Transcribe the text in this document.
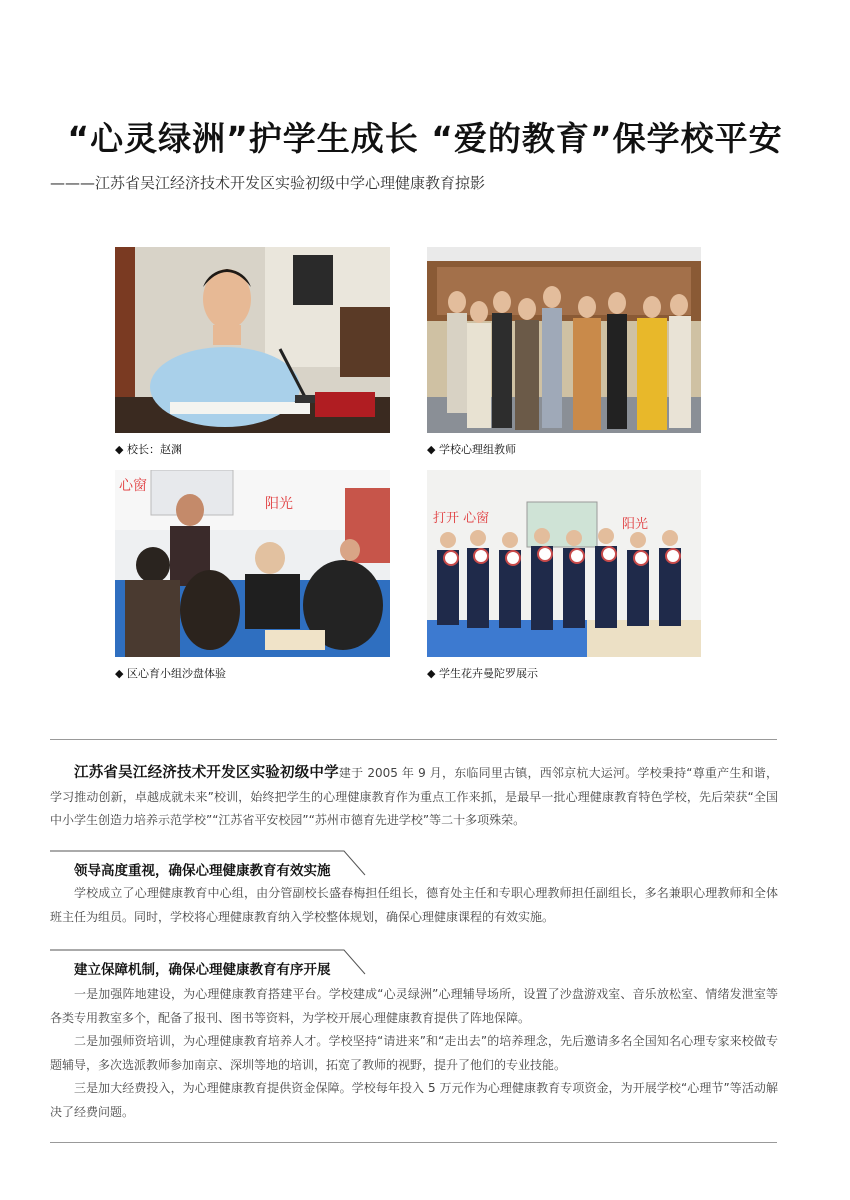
“心灵绿洲”护学生成长 “爱的教育”保学校平安

———江苏省吴江经济技术开发区实验初级中学心理健康教育掠影

◆ 校长：赵渊	◆ 学校心理组教师
心窗
阳光
◆ 区心育小组沙盘体验
打开 心窗	阳光
◆ 学生花卉曼陀罗展示

江苏省吴江经济技术开发区实验初级中学建于 2005 年 9 月，东临同里古镇，西邻京杭大运河。学校秉持“尊重产生和谐，学习推动创新，卓越成就未来”校训，始终把学生的心理健康教育作为重点工作来抓，是最早一批心理健康教育特色学校，先后荣获“全国中小学生创造力培养示范学校”“江苏省平安校园”“苏州市德育先进学校”等二十多项殊荣。

领导高度重视，确保心理健康教育有效实施

学校成立了心理健康教育中心组，由分管副校长盛春梅担任组长，德育处主任和专职心理教师担任副组长，多名兼职心理教师和全体班主任为组员。同时，学校将心理健康教育纳入学校整体规划，确保心理健康课程的有效实施。

建立保障机制，确保心理健康教育有序开展

一是加强阵地建设，为心理健康教育搭建平台。学校建成“心灵绿洲”心理辅导场所，设置了沙盘游戏室、音乐放松室、情绪发泄室等各类专用教室多个，配备了报刊、图书等资料，为学校开展心理健康教育提供了阵地保障。

二是加强师资培训，为心理健康教育培养人才。学校坚持“请进来”和“走出去”的培养理念，先后邀请多名全国知名心理专家来校做专题辅导，多次选派教师参加南京、深圳等地的培训，拓宽了教师的视野，提升了他们的专业技能。

三是加大经费投入，为心理健康教育提供资金保障。学校每年投入 5 万元作为心理健康教育专项资金，为开展学校“心理节”等活动解决了经费问题。
